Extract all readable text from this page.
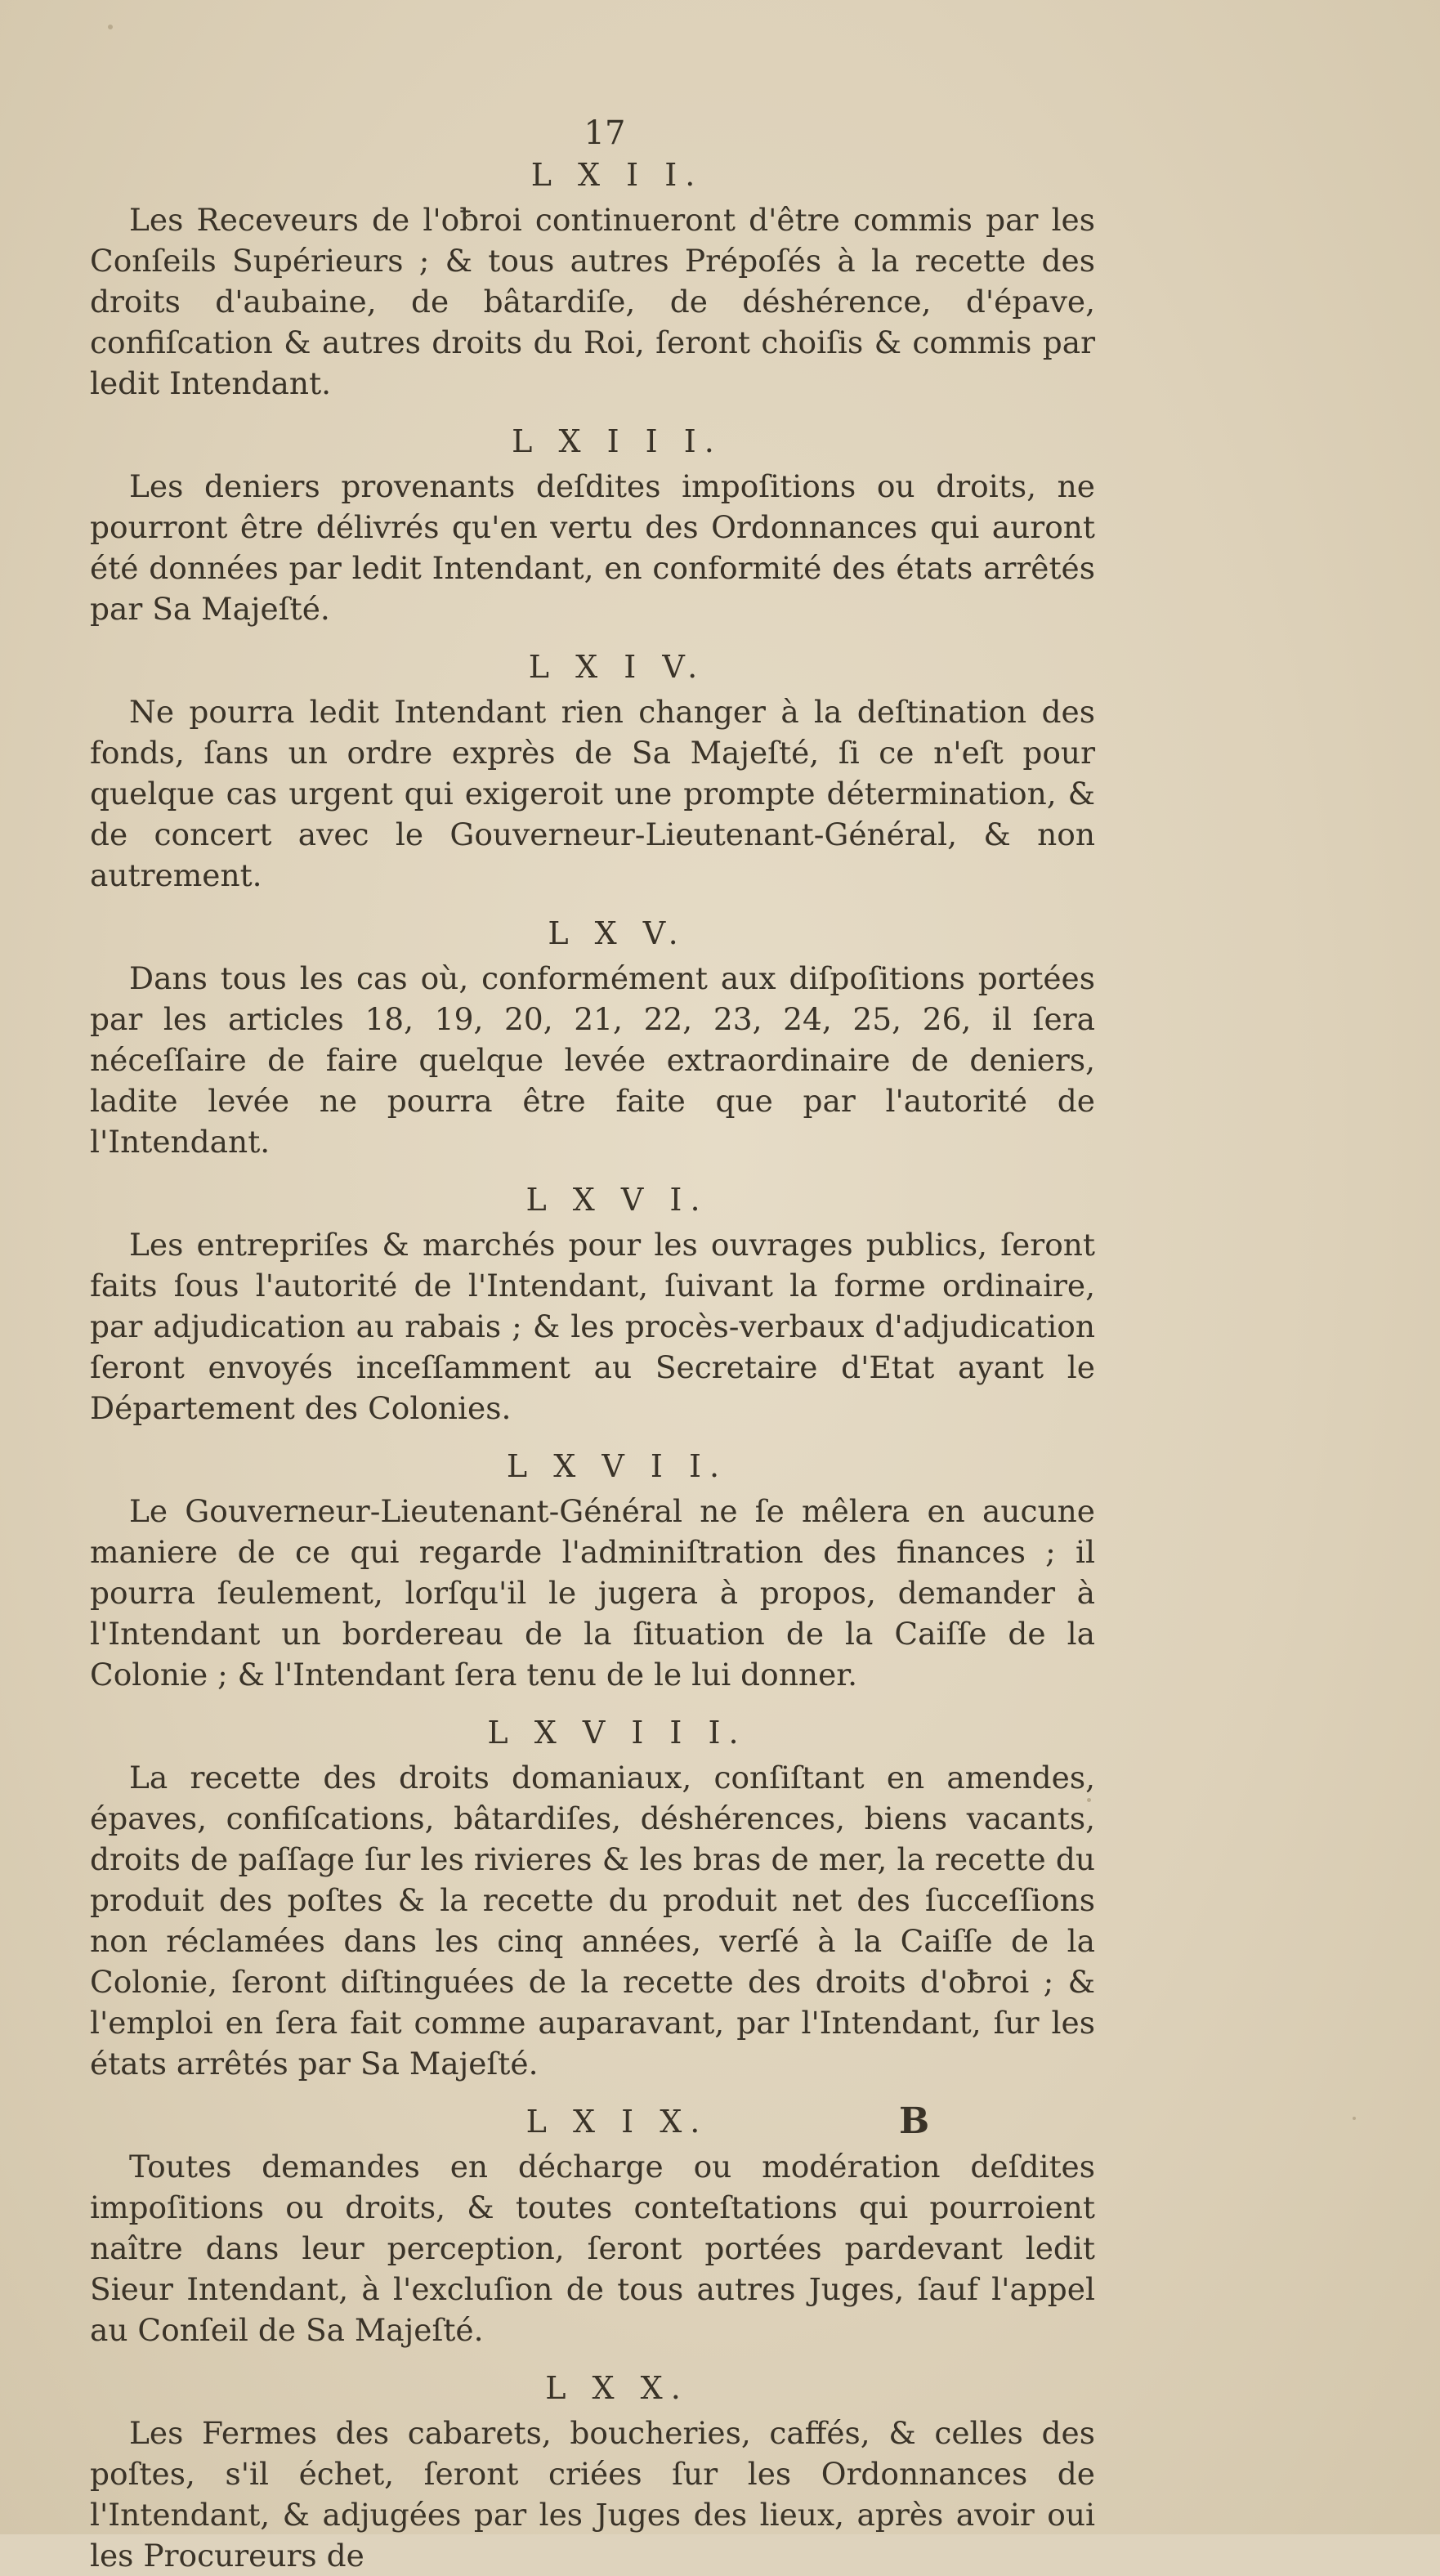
17
L X I I.

Les Receveurs de l'oƀroi continueront d'être commis par les Conſeils Supérieurs ; & tous autres Prépoſés à la recette des droits d'aubaine, de bâtardiſe, de déshérence, d'épave, confiſcation & autres droits du Roi, ſeront choiſis & commis par ledit Intendant.

L X I I I.

Les deniers provenants deſdites impoſitions ou droits, ne pourront être délivrés qu'en vertu des Ordonnances qui auront été données par ledit Intendant, en conformité des états arrêtés par Sa Majeſté.

L X I V.

Ne pourra ledit Intendant rien changer à la deſtination des fonds, ſans un ordre exprès de Sa Majeſté, ſi ce n'eſt pour quelque cas urgent qui exigeroit une prompte détermination, & de concert avec le Gouverneur-Lieutenant-Général, & non autrement.

L X V.

Dans tous les cas où, conformément aux diſpoſitions portées par les articles 18, 19, 20, 21, 22, 23, 24, 25, 26, il ſera néceſſaire de faire quelque levée extraordinaire de deniers, ladite levée ne pourra être faite que par l'autorité de l'Intendant.

L X V I.

Les entrepriſes & marchés pour les ouvrages publics, ſeront faits ſous l'autorité de l'Intendant, ſuivant la forme ordinaire, par adjudication au rabais ; & les procès-verbaux d'adjudication ſeront envoyés inceſſamment au Secretaire d'Etat ayant le Département des Colonies.

L X V I I.

Le Gouverneur-Lieutenant-Général ne ſe mêlera en aucune maniere de ce qui regarde l'adminiſtration des finances ; il pourra ſeulement, lorſqu'il le jugera à propos, demander à l'Intendant un bordereau de la ſituation de la Caiſſe de la Colonie ; & l'Intendant ſera tenu de le lui donner.

L X V I I I.

La recette des droits domaniaux, conſiſtant en amendes, épaves, confiſcations, bâtardiſes, déshérences, biens vacants, droits de paſſage ſur les rivieres & les bras de mer, la recette du produit des poſtes & la recette du produit net des ſucceſſions non réclamées dans les cinq années, verſé à la Caiſſe de la Colonie, ſeront diſtinguées de la recette des droits d'oƀroi ; & l'emploi en ſera fait comme auparavant, par l'Intendant, ſur les états arrêtés par Sa Majeſté.

L X I X.

Toutes demandes en décharge ou modération deſdites impoſitions ou droits, & toutes conteſtations qui pourroient naître dans leur perception, ſeront portées pardevant ledit Sieur Intendant, à l'excluſion de tous autres Juges, ſauf l'appel au Conſeil de Sa Majeſté.

L X X.

Les Fermes des cabarets, boucheries, caffés, & celles des poſtes, s'il échet, ſeront criées ſur les Ordonnances de l'Intendant, & adjugées par les Juges des lieux, après avoir oui les Procureurs de

B
